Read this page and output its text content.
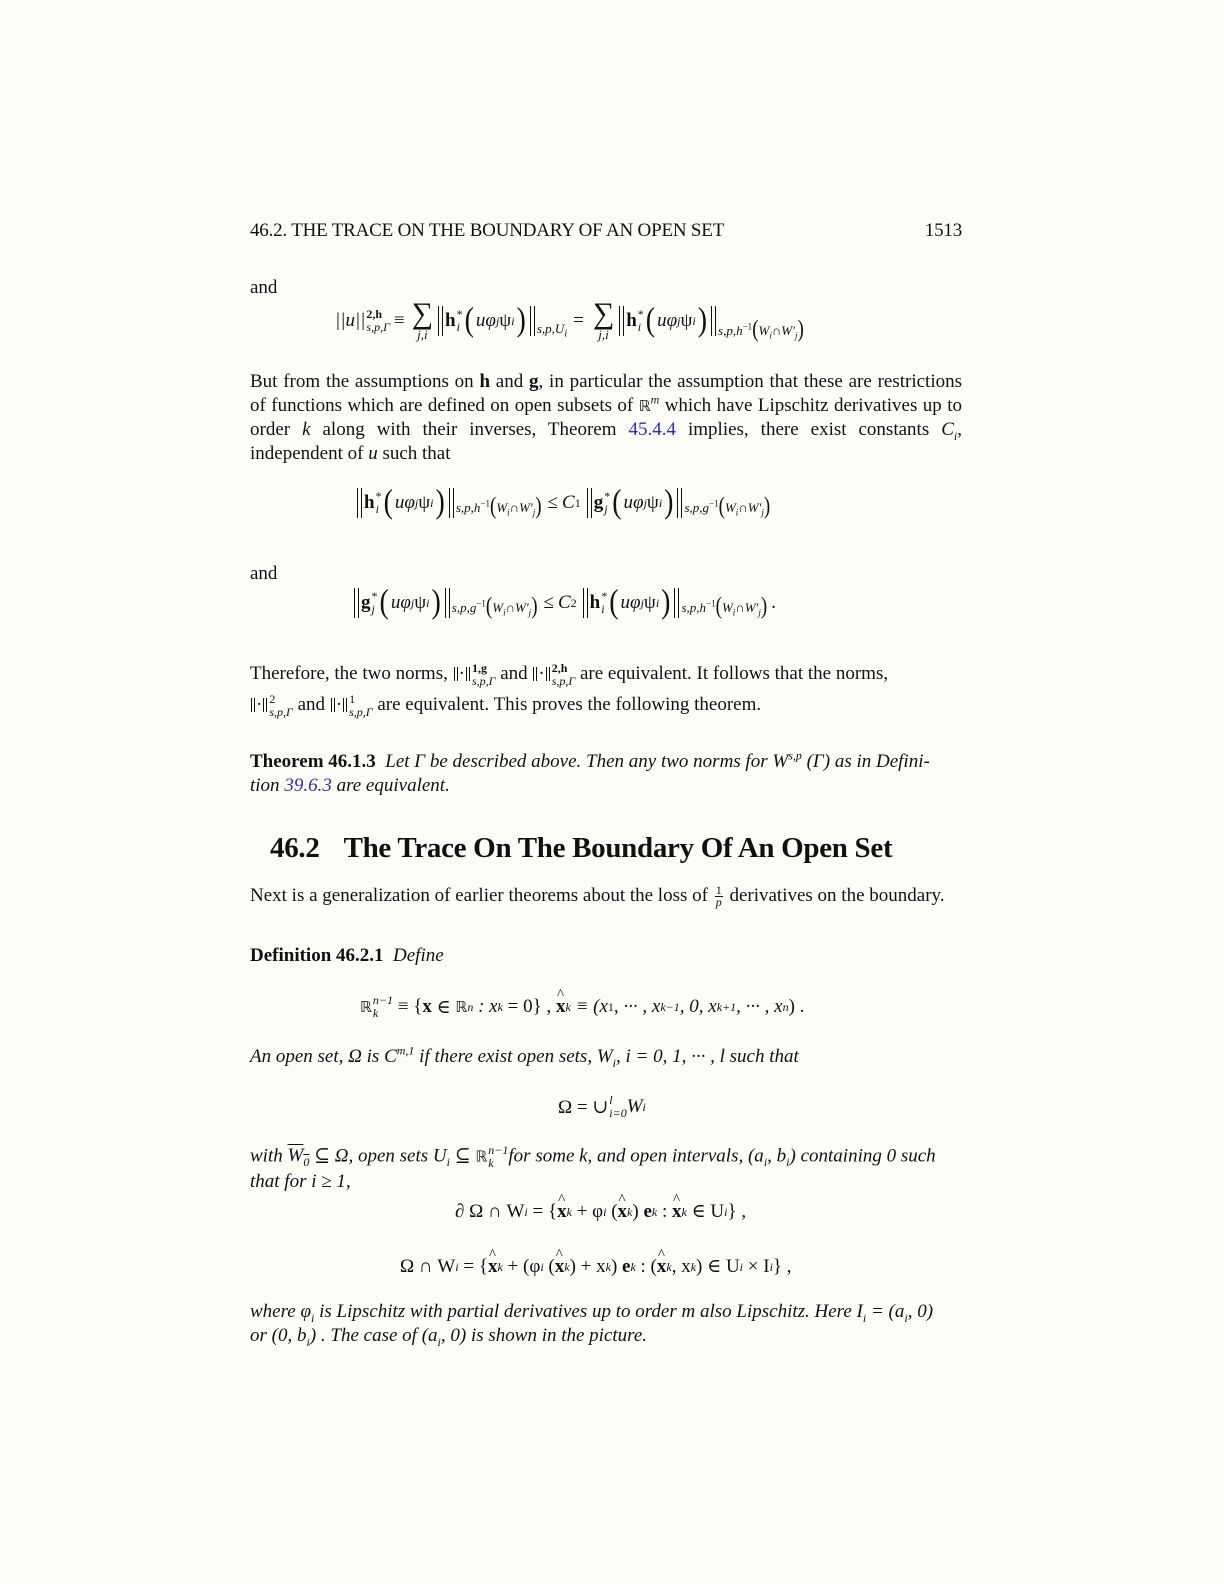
46.2. THE TRACE ON THE BOUNDARY OF AN OPEN SET	1513
and
||u|| 2,h
s,p,Γ ≡ ∑
j,i
h *
i ( uφ j ψ i ) $s,p,U_i$
= ∑
j,i
h *
i ( uφ j ψ i ) $s,p,h^{-1}(W_i\cap W'_j)$
But from the assumptions on h and g, in particular the assumption that these are restrictions of functions which are defined on open subsets of ℝ$^m$ which have Lipschitz derivatives up to order k along with their inverses, Theorem 45.4.4 implies, there exist constants $C_i$, independent of u such that
h *
i ( uφ j ψ i ) $s,p,h^{-1}(W_i\cap W'_j) \le C$ 1 g *
j ( uφ j ψ i ) $s,p,g^{-1}(W_i\cap W'_j)$
and
g *
j ( uφ j ψ i ) $s,p,g^{-1}(W_i\cap W'_j) \le C$ 2 h *
i ( uφ j ψ i ) $s,p,h^{-1}(W_i\cap W'_j)$ .
Therefore, the two norms, · 1,g
s,p,Γ and · 2,h
s,p,Γ are equivalent. It follows that the norms,
· 2
s,p,Γ and · 1
s,p,Γ are equivalent. This proves the following theorem.
Theorem 46.1.3 Let Γ be described above. Then any two norms for W$^{s,p}$ (Γ) as in Defini-
tion 39.6.3 are equivalent.
46.2 The Trace On The Boundary Of An Open Set
Next is a generalization of earlier theorems about the loss of $\frac{1}{p}$ derivatives on the boundary.
Definition 46.2.1 Define
ℝ n−1
k ≡ { x ∈ ℝ n : x k = 0} , ^ x k ≡ (x 1 , ··· , x k−1 , 0, x k+1 , ··· , x n ) .
An open set, Ω is C$^{m,1}$ if there exist open sets, $W_i$, i = 0, 1, ··· , l such that
Ω = ∪ l
i=0 W i
with $W_0$ ⊆ Ω, open sets $U_i$ ⊆ ℝ n−1
k for some k, and open intervals, ($a_i$, $b_i$) containing 0 such
that for i ≥ 1,
∂ Ω ∩ W i = { ^ x k + φ i ( ^ x k ) e k : ^ x k ∈ U i } ,
Ω ∩ W i = { ^ x k + (φ i ( ^ x k ) + x k ) e k : ( ^ x k , x k ) ∈ U i × I i } ,
where $\varphi_i$ is Lipschitz with partial derivatives up to order m also Lipschitz. Here $I_i = (a_i$, 0)
or (0, $b_i$) . The case of ($a_i$, 0) is shown in the picture.
